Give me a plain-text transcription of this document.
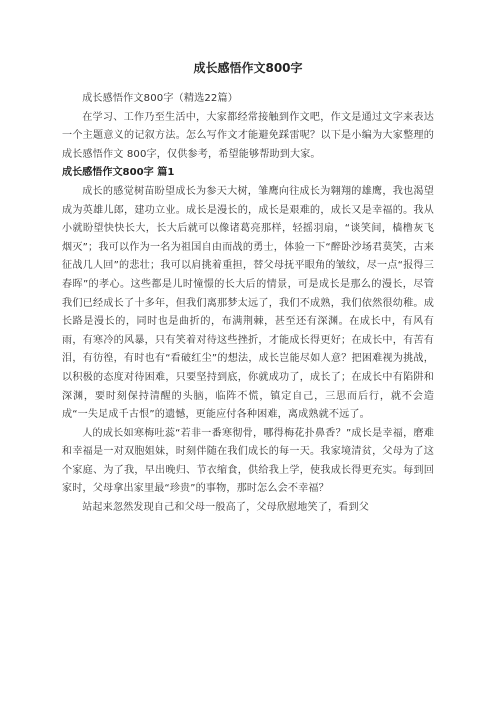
成长感悟作文800字

成长感悟作文800字（精选22篇）

在学习、工作乃至生活中，大家都经常接触到作文吧，作文是通过文字来表达一个主题意义的记叙方法。怎么写作文才能避免踩雷呢？以下是小编为大家整理的成长感悟作文 800字，仅供参考，希望能够帮助到大家。

成长感悟作文800字 篇1

成长的感觉树苗盼望成长为参天大树，雏鹰向往成长为翱翔的雄鹰，我也渴望成为英雄儿郎，建功立业。成长是漫长的，成长是艰难的，成长又是幸福的。我从小就盼望快快长大，长大后就可以像诸葛亮那样，轻摇羽扇，“谈笑间，樯橹灰飞烟灭”；我可以作为一名为祖国自由而战的勇士，体验一下“醉卧沙场君莫笑，古来征战几人回”的悲壮；我可以肩挑着重担，替父母抚平眼角的皱纹，尽一点“报得三春晖”的孝心。这些都是儿时憧憬的长大后的情景，可是成长是那么的漫长，尽管我们已经成长了十多年，但我们离那梦太远了，我们不成熟，我们依然很幼稚。成长路是漫长的，同时也是曲折的，布满荆棘，甚至还有深渊。在成长中，有风有雨，有寒冷的风暴，只有笑着对待这些挫折，才能成长得更好；在成长中，有苦有泪，有彷徨，有时也有“看破红尘”的想法，成长岂能尽如人意？把困难视为挑战，以积极的态度对待困难，只要坚持到底，你就成功了，成长了；在成长中有陷阱和深渊，要时刻保持清醒的头脑，临阵不慌，镇定自己，三思而后行，就不会造成“一失足成千古恨”的遗憾，更能应付各种困难，离成熟就不远了。

人的成长如寒梅吐蕊“若非一番寒彻骨，哪得梅花扑鼻香？”成长是幸福，磨难和幸福是一对双胞姐妹，时刻伴随在我们成长的每一天。我家境清贫，父母为了这个家庭、为了我，早出晚归、节衣缩食，供给我上学，使我成长得更充实。每到回家时，父母拿出家里最“珍贵”的事物，那时怎么会不幸福？

站起来忽然发现自己和父母一般高了，父母欣慰地笑了，看到父
